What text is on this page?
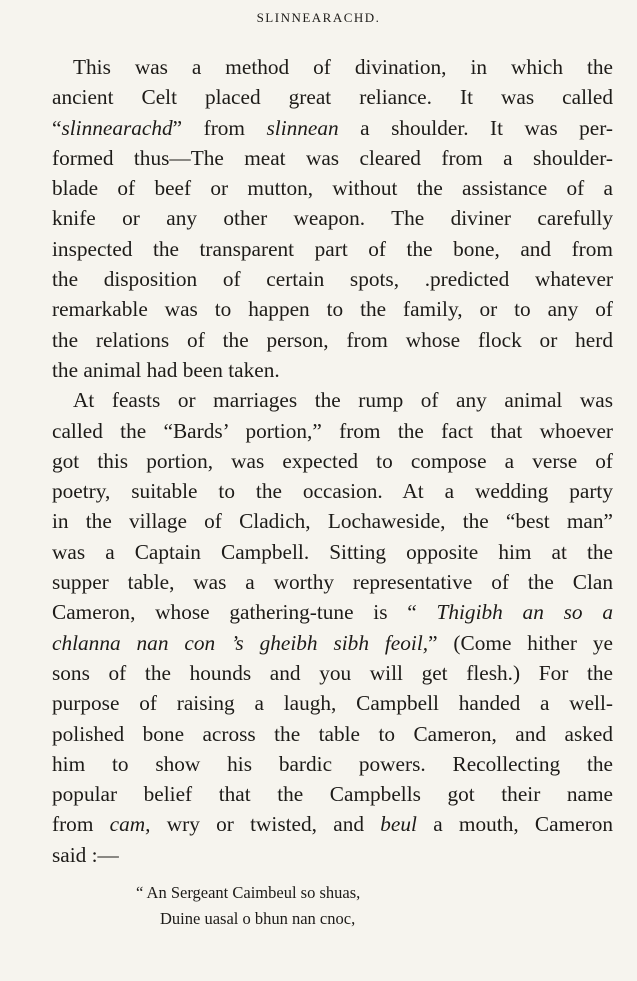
SLINNEARACHD.
This was a method of divination, in which the
ancient Celt placed great reliance. It was called
“slinnearachd” from slinnean a shoulder. It was per-
formed thus—The meat was cleared from a shoulder-
blade of beef or mutton, without the assistance of a
knife or any other weapon. The diviner carefully
inspected the transparent part of the bone, and from
the disposition of certain spots, .predicted whatever
remarkable was to happen to the family, or to any of
the relations of the person, from whose flock or herd
the animal had been taken.
At feasts or marriages the rump of any animal was
called the “Bards’ portion,” from the fact that whoever
got this portion, was expected to compose a verse of
poetry, suitable to the occasion. At a wedding party
in the village of Cladich, Lochaweside, the “best man”
was a Captain Campbell. Sitting opposite him at the
supper table, was a worthy representative of the Clan
Cameron, whose gathering-tune is “ Thigibh an so a
chlanna nan con ’s gheibh sibh feoil,” (Come hither ye
sons of the hounds and you will get flesh.) For the
purpose of raising a laugh, Campbell handed a well-
polished bone across the table to Cameron, and asked
him to show his bardic powers. Recollecting the
popular belief that the Campbells got their name
from cam, wry or twisted, and beul a mouth, Cameron
said :—
“ An Sergeant Caimbeul so shuas,
Duine uasal o bhun nan cnoc,
